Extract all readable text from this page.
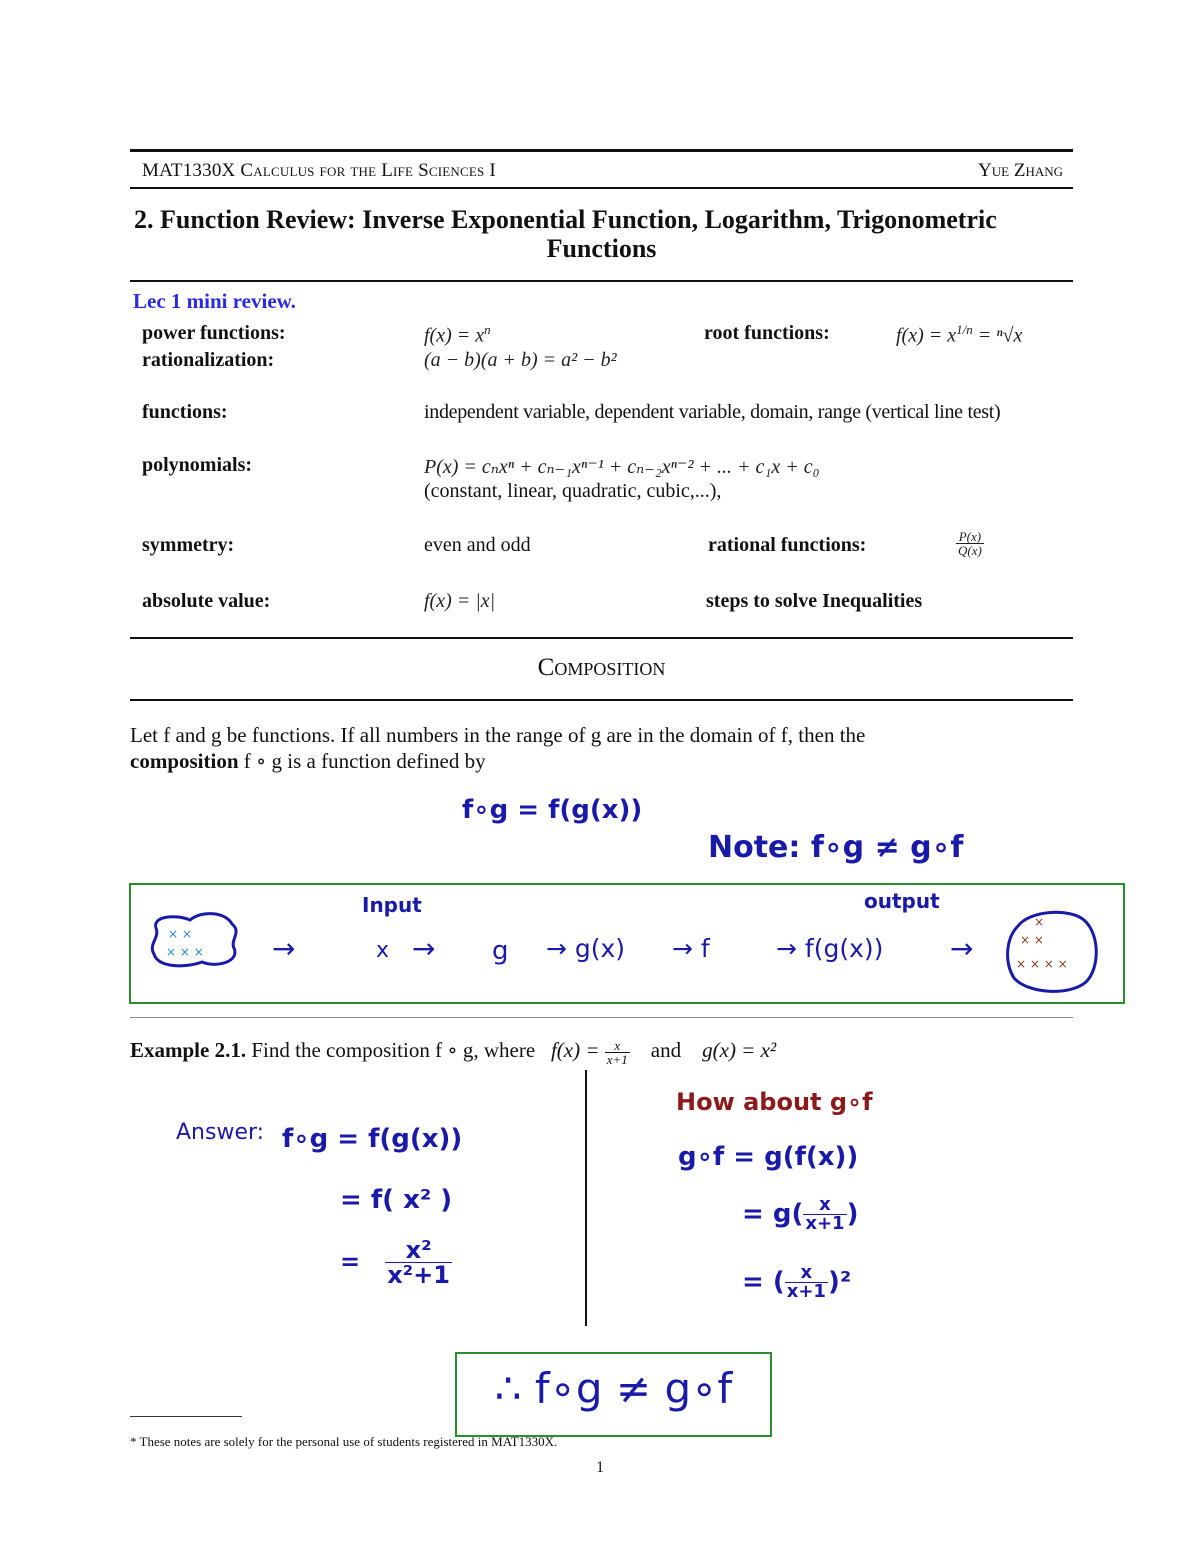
MAT1330X Calculus for the Life Sciences I	Yue Zhang
2. Function Review: Inverse Exponential Function, Logarithm, Trigonometric
Functions
Lec 1 mini review.
power functions:	$f(x) = x^n$	root functions:	$f(x) = x^{1/n} = ^n√x$
rationalization:	(a − b)(a + b) = a² − b²
functions:	independent variable, dependent variable, domain, range (vertical line test)
polynomials:	P(x) = cₙxⁿ + cₙ₋₁xⁿ⁻¹ + cₙ₋₂xⁿ⁻² + ... + c₁x + c₀
(constant, linear, quadratic, cubic,...),
symmetry:	even and odd	rational functions:	$\frac{P(x)}{Q(x)}$
absolute value:	f(x) = |x|	steps to solve Inequalities
Composition
Let f and g be functions. If all numbers in the range of g are in the domain of f, then the
composition f ∘ g is a function defined by
f∘g = f(g(x))
Note: f∘g ≠ g∘f
× ×
× × ×
×
× ×
× × × ×
Input	output
→	x → g → g(x) → f	→ f(g(x)) →
Example 2.1. Find the composition f ∘ g, where $f(x) = \frac{x}{x+1}$ and g(x) = x²
Answer: f∘g = f(g(x))
= f( x² )
= $\frac{\text{x²}}{\text{x²+1}}$
How about g∘f
g∘f = g(f(x))
= $g( \frac{x}{x+1}$ )
= ( $\frac{x}{x+1} )^2$
∴ f∘g ≠ g∘f
* These notes are solely for the personal use of students registered in MAT1330X.
1
